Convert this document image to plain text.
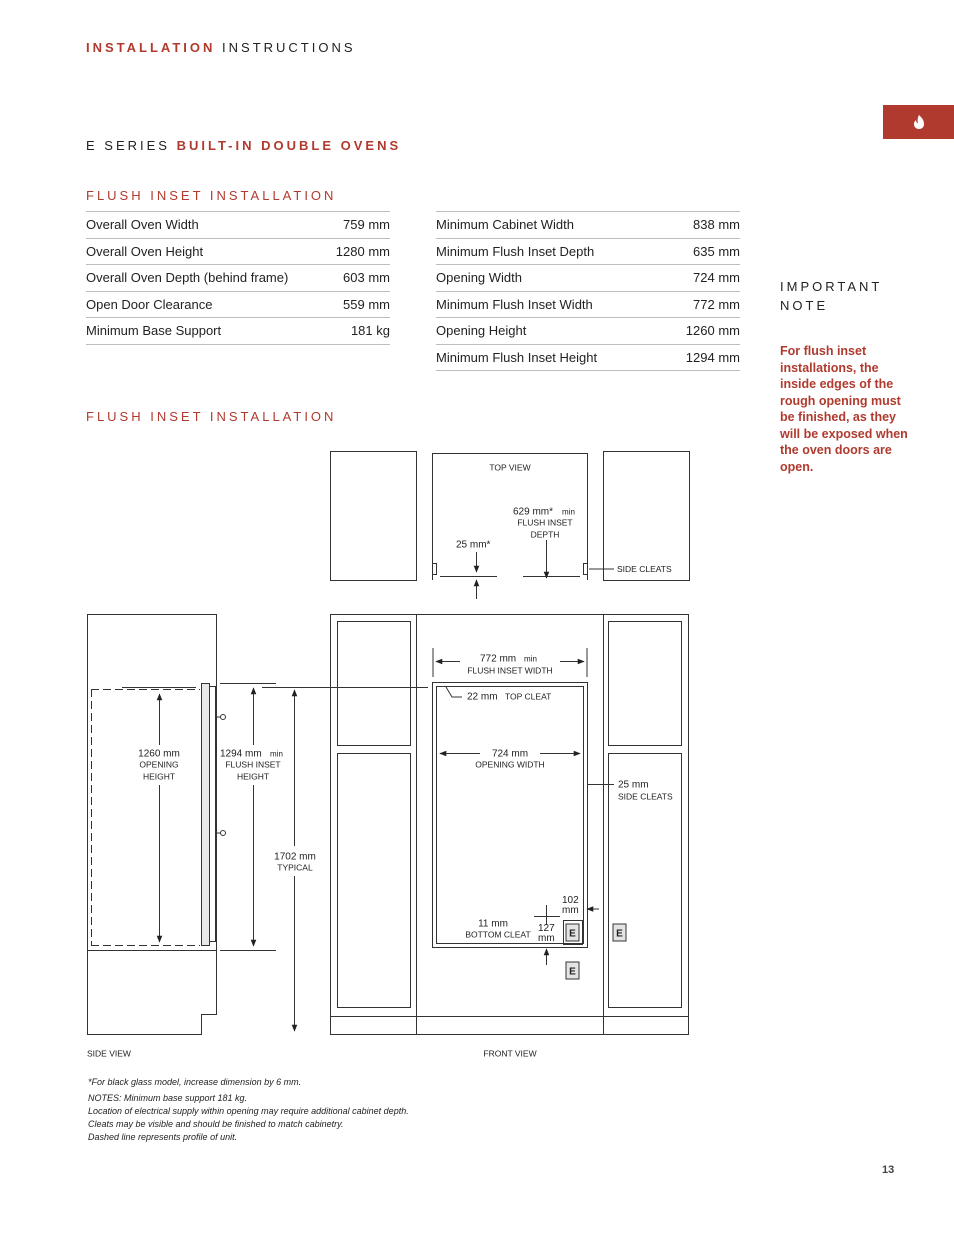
INSTALLATION INSTRUCTIONS
E SERIES BUILT-IN DOUBLE OVENS
FLUSH INSET INSTALLATION
Overall Oven Width	759 mm
Overall Oven Height	1280 mm
Overall Oven Depth (behind frame)	603 mm
Open Door Clearance	559 mm
Minimum Base Support	181 kg
Minimum Cabinet Width	838 mm
Minimum Flush Inset Depth	635 mm
Opening Width	724 mm
Minimum Flush Inset Width	772 mm
Opening Height	1260 mm
Minimum Flush Inset Height	1294 mm
IMPORTANT
NOTE
For flush inset installations, the inside edges of the rough opening must be finished, as they will be exposed when the oven doors are open.
FLUSH INSET INSTALLATION
E	E
E
TOP VIEW
629 mm* min
FLUSH INSET
DEPTH
25 mm*
SIDE CLEATS
772 mm min
FLUSH INSET WIDTH
22 mm TOP CLEAT
724 mm
OPENING WIDTH
25 mm
SIDE CLEATS
1260 mm
OPENING
HEIGHT
1294 mm min
FLUSH INSET
HEIGHT
1702 mm
TYPICAL
102
mm
127
mm
11 mm
BOTTOM CLEAT
SIDE VIEW	FRONT VIEW
*For black glass model, increase dimension by 6 mm.
NOTES: Minimum base support 181 kg.
Location of electrical supply within opening may require additional cabinet depth.
Cleats may be visible and should be finished to match cabinetry.
Dashed line represents profile of unit.
13
